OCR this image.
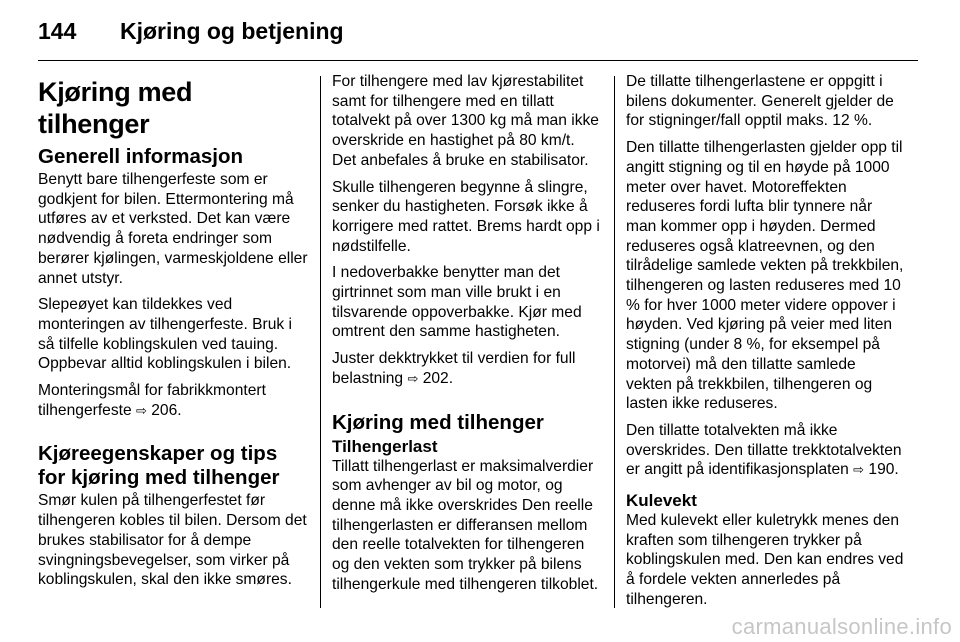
144 Kjøring og betjening
Kjøring med tilhenger
Generell informasjon

Benytt bare tilhengerfeste som er godkjent for bilen. Ettermontering må utføres av et verksted. Det kan være nødvendig å foreta endringer som berører kjølingen, varmeskjoldene eller annet utstyr.

Slepeøyet kan tildekkes ved monteringen av tilhengerfeste. Bruk i så tilfelle koblingskulen ved tauing. Oppbevar alltid koblingskulen i bilen.

Monteringsmål for fabrikkmontert tilhengerfeste ⇨ 206.

Kjøreegenskaper og tips for kjøring med tilhenger

Smør kulen på tilhengerfestet før tilhengeren kobles til bilen. Dersom det brukes stabilisator for å dempe svingningsbevegelser, som virker på koblingskulen, skal den ikke smøres.

For tilhengere med lav kjørestabilitet samt for tilhengere med en tillatt totalvekt på over 1300 kg må man ikke overskride en hastighet på 80 km/t. Det anbefales å bruke en stabilisator.

Skulle tilhengeren begynne å slingre, senker du hastigheten. Forsøk ikke å korrigere med rattet. Brems hardt opp i nødstilfelle.

I nedoverbakke benytter man det girtrinnet som man ville brukt i en tilsvarende oppoverbakke. Kjør med omtrent den samme hastigheten.

Juster dekktrykket til verdien for full belastning ⇨ 202.

Kjøring med tilhenger
Tilhengerlast

Tillatt tilhengerlast er maksimalverdier som avhenger av bil og motor, og denne må ikke overskrides Den reelle tilhengerlasten er differansen mellom den reelle totalvekten for tilhengeren og den vekten som trykker på bilens tilhengerkule med tilhengeren tilkoblet.

De tillatte tilhengerlastene er oppgitt i bilens dokumenter. Generelt gjelder de for stigninger/fall opptil maks. 12 %.

Den tillatte tilhengerlasten gjelder opp til angitt stigning og til en høyde på 1000 meter over havet. Motoreffekten reduseres fordi lufta blir tynnere når man kommer opp i høyden. Dermed reduseres også klatreevnen, og den tilrådelige samlede vekten på trekkbilen, tilhengeren og lasten reduseres med 10 % for hver 1000 meter videre oppover i høyden. Ved kjøring på veier med liten stigning (under 8 %, for eksempel på motorvei) må den tillatte samlede vekten på trekkbilen, tilhengeren og lasten ikke reduseres.

Den tillatte totalvekten må ikke overskrides. Den tillatte trekktotalvekten er angitt på identifikasjonsplaten ⇨ 190.

Kulevekt

Med kulevekt eller kuletrykk menes den kraften som tilhengeren trykker på koblingskulen med. Den kan endres ved å fordele vekten annerledes på tilhengeren.

carmanualsonline.info
